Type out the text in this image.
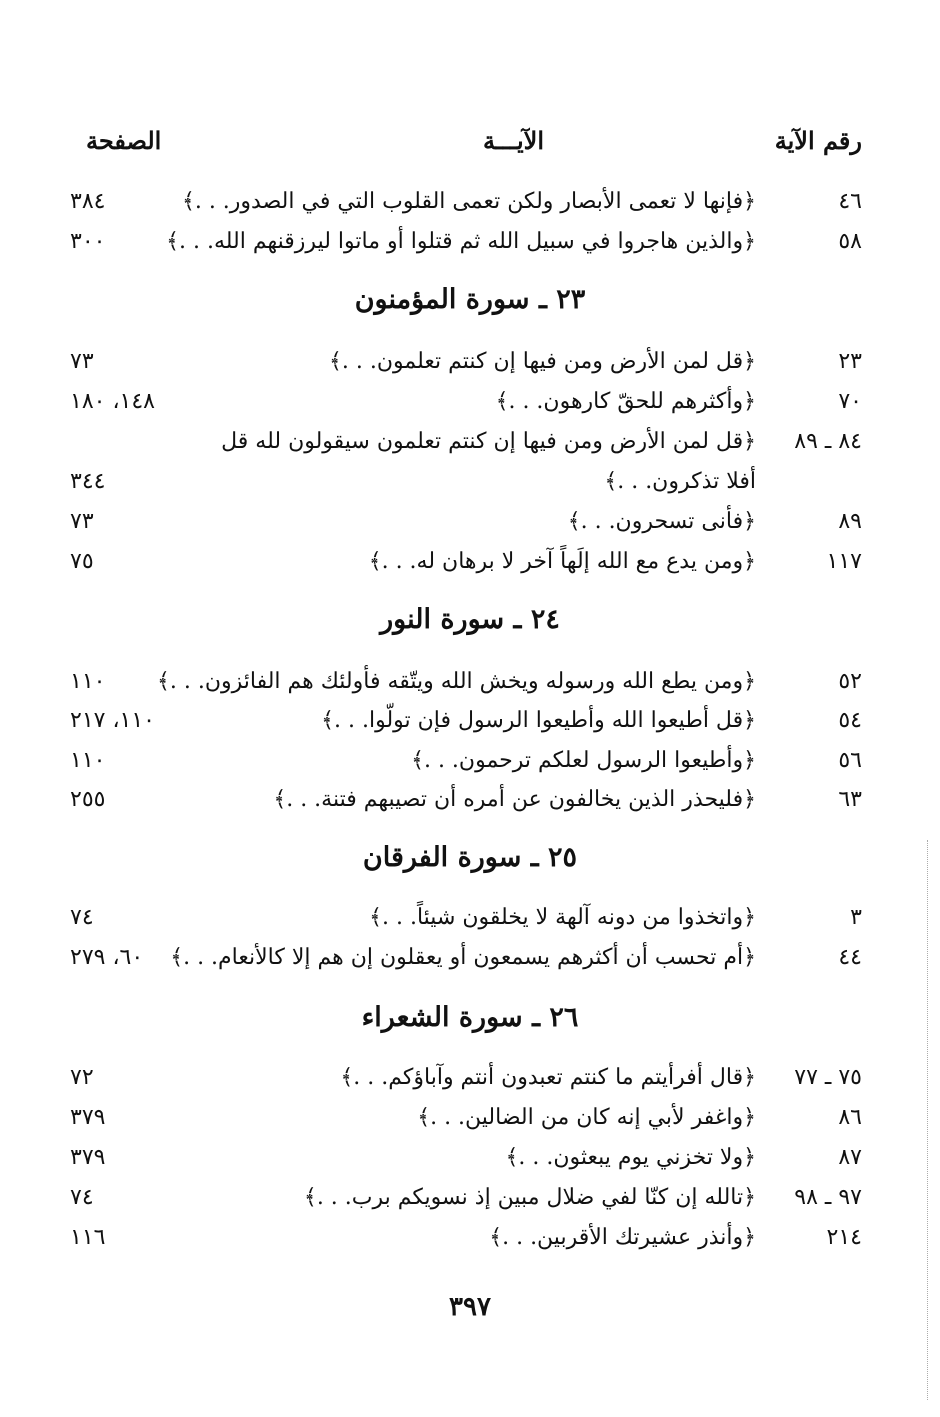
رقم الآية
الآيـــة
الصفحة
٤٦
﴿فإنها لا تعمى الأبصار ولكن تعمى القلوب التي في الصدور. . .﴾
٣٨٤
٥٨
﴿والذين هاجروا في سبيل الله ثم قتلوا أو ماتوا ليرزقنهم الله. . .﴾
٣٠٠
٢٣ ـ سورة المؤمنون
٢٣
﴿قل لمن الأرض ومن فيها إن كنتم تعلمون. . .﴾
٧٣
٧٠
﴿وأكثرهم للحقّ كارهون. . .﴾
١٤٨، ١٨٠
٨٤ ـ ٨٩
﴿قل لمن الأرض ومن فيها إن كنتم تعلمون سيقولون لله قل
أفلا تذكرون. . .﴾
٣٤٤
٨٩
﴿فأنى تسحرون. . .﴾
٧٣
١١٧
﴿ومن يدع مع الله إلَهاً آخر لا برهان له. . .﴾
٧٥
٢٤ ـ سورة النور
٥٢
﴿ومن يطع الله ورسوله ويخش الله ويتّقه فأولئك هم الفائزون. . .﴾
١١٠
٥٤
﴿قل أطيعوا الله وأطيعوا الرسول فإن تولّوا. . .﴾
١١٠، ٢١٧
٥٦
﴿وأطيعوا الرسول لعلكم ترحمون. . .﴾
١١٠
٦٣
﴿فليحذر الذين يخالفون عن أمره أن تصيبهم فتنة. . .﴾
٢٥٥
٢٥ ـ سورة الفرقان
٣
﴿واتخذوا من دونه آلهة لا يخلقون شيئاً. . .﴾
٧٤
٤٤
﴿أم تحسب أن أكثرهم يسمعون أو يعقلون إن هم إلا كالأنعام. . .﴾
٦٠، ٢٧٩
٢٦ ـ سورة الشعراء
٧٥ ـ ٧٧
﴿قال أفرأيتم ما كنتم تعبدون أنتم وآباؤكم. . .﴾
٧٢
٨٦
﴿واغفر لأبي إنه كان من الضالين. . .﴾
٣٧٩
٨٧
﴿ولا تخزني يوم يبعثون. . .﴾
٣٧٩
٩٧ ـ ٩٨
﴿تالله إن كنّا لفي ضلال مبين إذ نسويكم برب. . .﴾
٧٤
٢١٤
﴿وأنذر عشيرتك الأقربين. . .﴾
١١٦
٣٩٧
